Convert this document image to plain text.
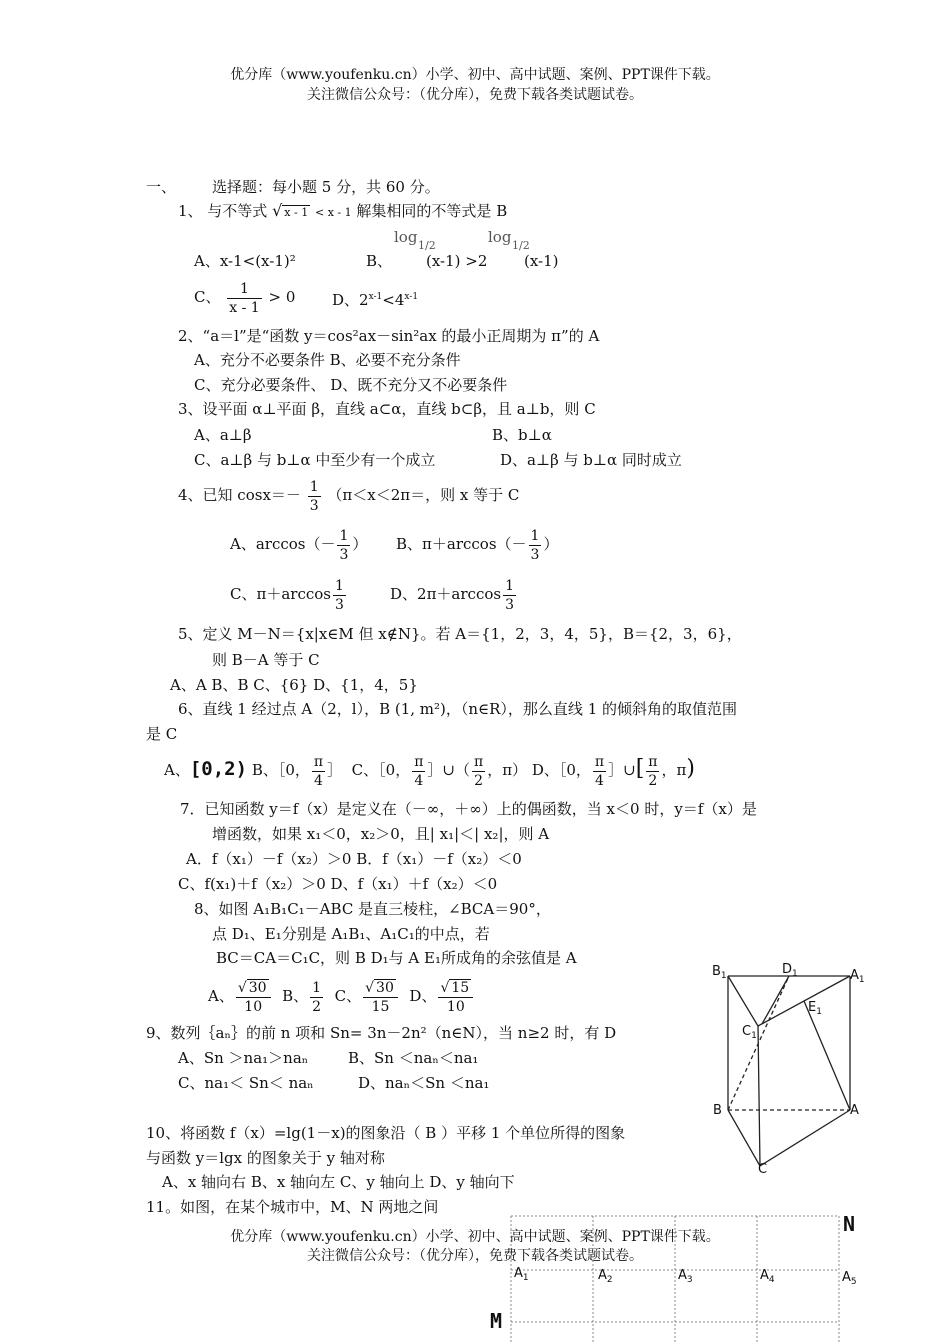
优分库（www.youfenku.cn）小学、初中、高中试题、案例、PPT课件下载。
关注微信公众号：（优分库），免费下载各类试题试卷。
一、 选择题：每小题 5 分，共 60 分。
1、 与不等式 √ x - 1 < x - 1 解集相同的不等式是 B
A、x-1<(x-1)²	B、
log 1/2
(x-1) >2
log 1/2
(x-1)
C、 $\frac{1}{x - 1} > 0$ D、$2^{x-1}<4^{x-1}$
2、“a＝l”是“函数 y＝cos²ax－sin²ax 的最小正周期为 π”的 A
A、充分不必要条件 B、必要不充分条件
C、充分必要条件、 D、既不充分又不必要条件
3、设平面 α⊥平面 β，直线 a⊂α，直线 b⊂β，且 a⊥b，则 C
A、a⊥β	B、b⊥α
C、a⊥β 与 b⊥α 中至少有一个成立	D、a⊥β 与 b⊥α 同时成立
4、已知 $\cos x=- \frac{1}{3} (\pi<x<2\pi=$，则 x 等于 C
A、$\arccos(- \frac{1}{3}$ ） B、$\pi+\arccos(- \frac{1}{3}$ ）
C、$\pi+\arccos \frac{1}{3}$	D、$2\pi+\arccos \frac{1}{3}$
5、定义 M－N＝{x|x∈M 但 x∉N}。若 A＝{1，2，3，4，5}，B＝{2，3，6}，
则 B－A 等于 C
A、A B、B C、{6} D、{1，4，5}
6、直线 1 经过点 A（2，l），B (1, m²)，（n∈R），那么直线 1 的倾斜角的取值范围
是 C
A、[0,2) B、［0， $\frac{\pi}{4}$ ］ C、［0， $\frac{\pi}{4}$ ］∪（ $\frac{\pi}{2}$ ，π） D、［0， $\frac{\pi}{4}$ ］∪[ $\frac{\pi}{2}$ ，π)
7．已知函数 y＝f（x）是定义在（－∞，＋∞）上的偶函数，当 x＜0 时，y＝f（x）是
增函数，如果 x₁＜0，x₂＞0，且| x₁|＜| x₂|，则 A
A．f（x₁）－f（x₂）＞0 B．f（x₁）－f（x₂）＜0
C、f(x₁)＋f（x₂）＞0 D、f（x₁）＋f（x₂）＜0
8、如图 A₁B₁C₁－ABC 是直三棱柱，∠BCA＝90°，
点 D₁、E₁分别是 A₁B₁、A₁C₁的中点，若
BC＝CA＝C₁C，则 B D₁与 A E₁所成角的余弦值是 A
A、 $\frac{√ 30}{10}$ B、 $\frac{1}{2}$ C、 $\frac{√ 30}{15}$ D、 $\frac{√ 15}{10}$
9、数列｛aₙ｝的前 n 项和 Sn= 3n－2n²（n∈N），当 n≥2 时，有 D
A、Sn ＞na₁＞naₙ	B、Sn ＜naₙ＜na₁
C、na₁＜ Sn＜ naₙ	D、naₙ＜Sn ＜na₁
10、将函数 f（x）=lg(1－x)的图象沿（ B ）平移 1 个单位所得的图象
与函数 y＝lgx 的图象关于 y 轴对称
A、x 轴向右 B、x 轴向左 C、y 轴向上 D、y 轴向下
11。如图，在某个城市中，M、N 两地之间
优分库（www.youfenku.cn）小学、初中、高中试题、案例、PPT课件下载。
关注微信公众号：（优分库），免费下载各类试题试卷。
$B_1$	$D_1$	$A_1$
$E_1$
$C_1$
B	A
C
N
M
$A_1$	$A_2$	$A_3$	$A_4$	$A_5$
